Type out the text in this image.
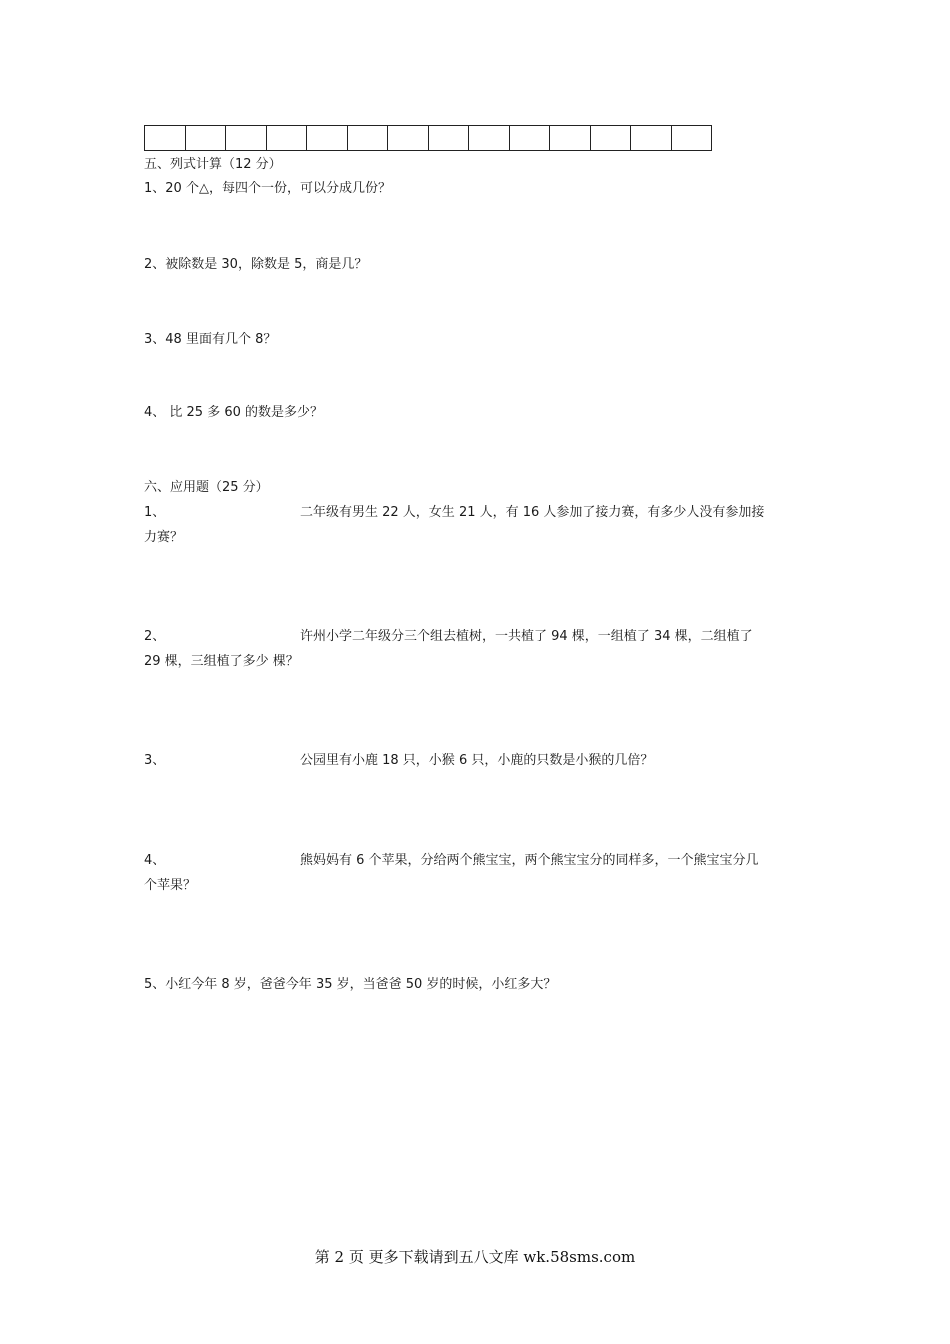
五、列式计算（12 分）
1、20 个△，每四个一份，可以分成几份？
2、被除数是 30，除数是 5，商是几？
3、48 里面有几个 8？
4、 比 25 多 60 的数是多少？
六、应用题（25 分）
1、	二年级有男生 22 人，女生 21 人，有 16 人参加了接力赛，有多少人没有参加接
力赛？
2、	许州小学二年级分三个组去植树，一共植了 94 棵，一组植了 34 棵，二组植了
29 棵，三组植了多少 棵？
3、	公园里有小鹿 18 只，小猴 6 只，小鹿的只数是小猴的几倍？
4、	熊妈妈有 6 个苹果，分给两个熊宝宝，两个熊宝宝分的同样多，一个熊宝宝分几
个苹果？
5、小红今年 8 岁，爸爸今年 35 岁，当爸爸 50 岁的时候，小红多大？
第 2 页 更多下载请到五八文库 wk.58sms.com
